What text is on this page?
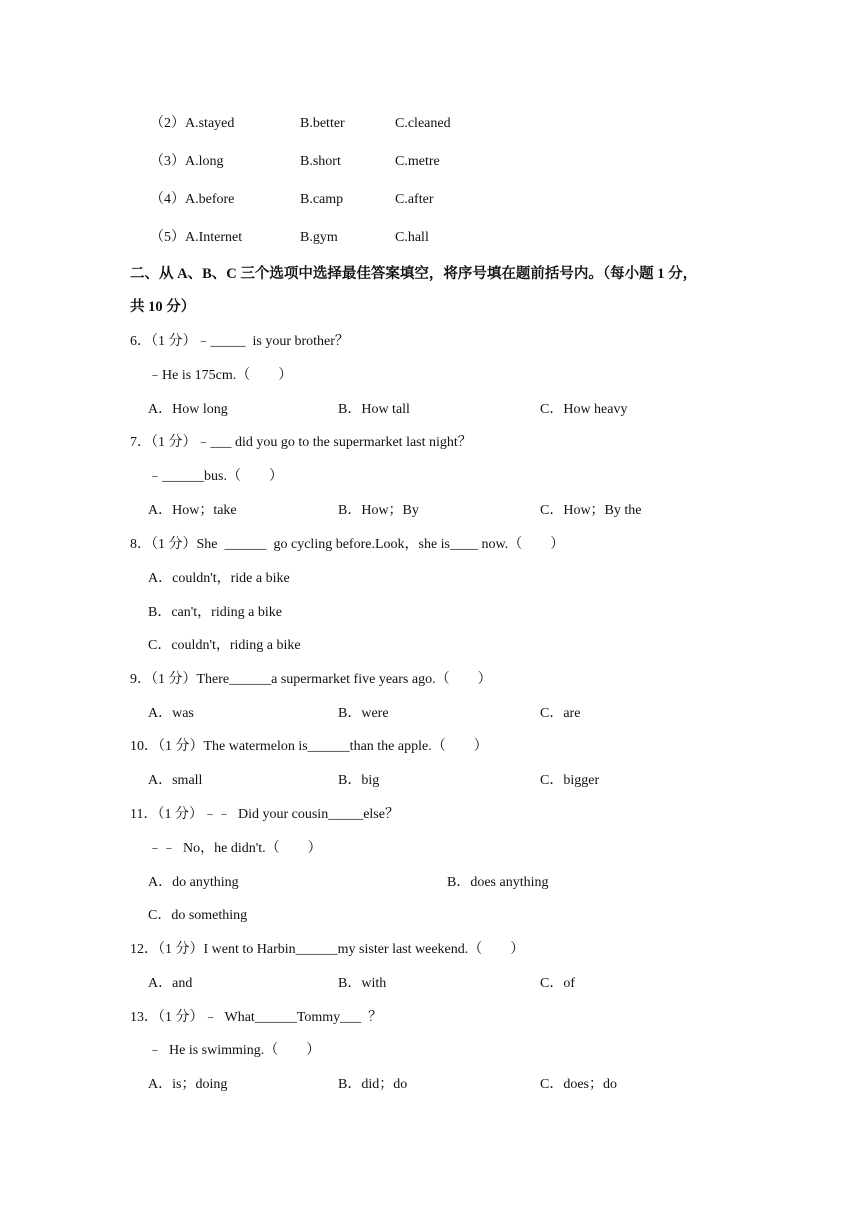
（2）A.stayed	B.better	C.cleaned
（3）A.long	B.short	C.metre
（4）A.before	B.camp	C.after
（5）A.Internet	B.gym	C.hall
二、从 A、B、C 三个选项中选择最佳答案填空，将序号填在题前括号内。（每小题 1 分，
共 10 分）
6．（1 分）﹣_____  is your brother？
﹣He is 175cm.（　　）
A．How long	B．How tall	C．How heavy
7．（1 分）﹣___ did you go to the supermarket last night？
﹣______bus.（　　）
A．How；take	B．How；By	C．How；By the
8．（1 分）She  ______  go cycling before.Look，she is____ now.（　　）
A．couldn't，ride a bike
B．can't，riding a bike
C．couldn't，riding a bike
9．（1 分）There______a supermarket five years ago.（　　）
A．was	B．were	C．are
10．（1 分）The watermelon is______than the apple.（　　）
A．small	B．big	C．bigger
11．（1 分）﹣﹣  Did your cousin_____else？
﹣﹣  No，he didn't.（　　）
A．do anything	B．does anything
C．do something
12．（1 分）I went to Harbin______my sister last weekend.（　　）
A．and	B．with	C．of
13．（1 分）﹣  What______Tommy___  ？
﹣  He is swimming.（　　）
A．is；doing	B．did；do	C．does；do
